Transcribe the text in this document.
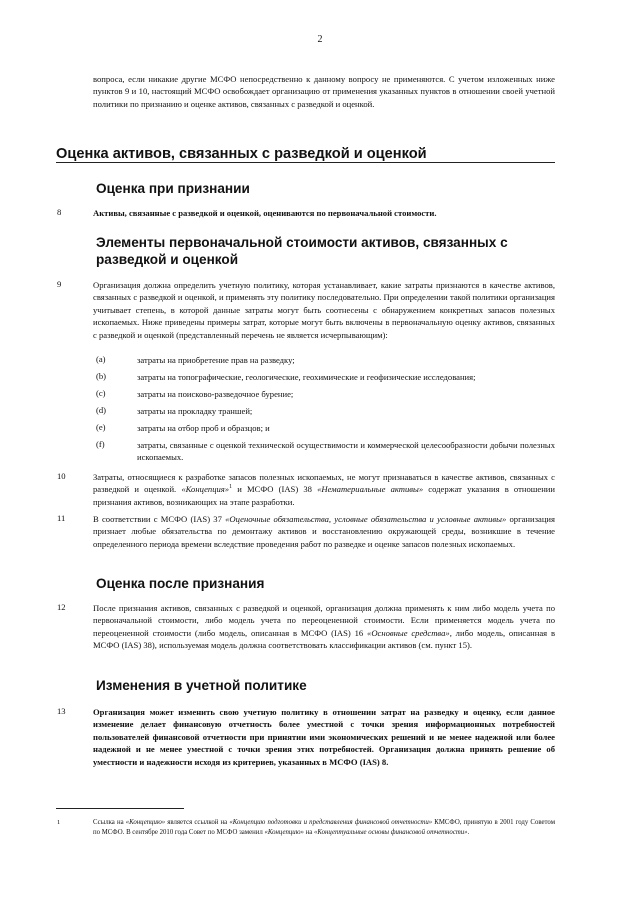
2

вопроса, если никакие другие МСФО непосредственно к данному вопросу не применяются. С учетом изложенных ниже пунктов 9 и 10, настоящий МСФО освобождает организацию от применения указанных пунктов в отношении своей учетной политики по признанию и оценке активов, связанных с разведкой и оценкой.

Оценка активов, связанных с разведкой и оценкой
Оценка при признании
8	Активы, связанные с разведкой и оценкой, оцениваются по первоначальной стоимости.

Элементы первоначальной стоимости активов, связанных с разведкой и оценкой
9	Организация должна определить учетную политику, которая устанавливает, какие затраты признаются в качестве активов, связанных с разведкой и оценкой, и применять эту политику последовательно. При определении такой политики организация учитывает степень, в которой данные затраты могут быть соотнесены с обнаружением конкретных запасов полезных ископаемых. Ниже приведены примеры затрат, которые могут быть включены в первоначальную оценку активов, связанных с разведкой и оценкой (представленный перечень не является исчерпывающим):

(a)	затраты на приобретение прав на разведку;

(b)	затраты на топографические, геологические, геохимические и геофизические исследования;

(c)	затраты на поисково-разведочное бурение;

(d)	затраты на прокладку траншей;

(e)	затраты на отбор проб и образцов; и

(f)	затраты, связанные с оценкой технической осуществимости и коммерческой целесообразности добычи полезных ископаемых.

10	Затраты, относящиеся к разработке запасов полезных ископаемых, не могут признаваться в качестве активов, связанных с разведкой и оценкой. «Концепция»$^1$ и МСФО (IAS) 38 «Нематериальные активы» содержат указания в отношении признания активов, возникающих на этапе разработки.

11	В соответствии с МСФО (IAS) 37 «Оценочные обязательства, условные обязательства и условные активы» организация признает любые обязательства по демонтажу активов и восстановлению окружающей среды, возникшие в течение определенного периода времени вследствие проведения работ по разведке и оценке запасов полезных ископаемых.

Оценка после признания
12	После признания активов, связанных с разведкой и оценкой, организация должна применять к ним либо модель учета по первоначальной стоимости, либо модель учета по переоцененной стоимости. Если применяется модель учета по переоцененной стоимости (либо модель, описанная в МСФО (IAS) 16 «Основные средства», либо модель, описанная в МСФО (IAS) 38), используемая модель должна соответствовать классификации активов (см. пункт 15).

Изменения в учетной политике
13	Организация может изменить свою учетную политику в отношении затрат на разведку и оценку, если данное изменение делает финансовую отчетность более уместной с точки зрения информационных потребностей пользователей финансовой отчетности при принятии ими экономических решений и не менее надежной или более надежной и не менее уместной с точки зрения этих потребностей. Организация должна принять решение об уместности и надежности исходя из критериев, указанных в МСФО (IAS) 8.

1	Ссылка на «Концепцию» является ссылкой на «Концепцию подготовки и представления финансовой отчетности» КМСФО, принятую в 2001 году Советом по МСФО. В сентябре 2010 года Совет по МСФО заменил «Концепцию» на «Концептуальные основы финансовой отчетности».
